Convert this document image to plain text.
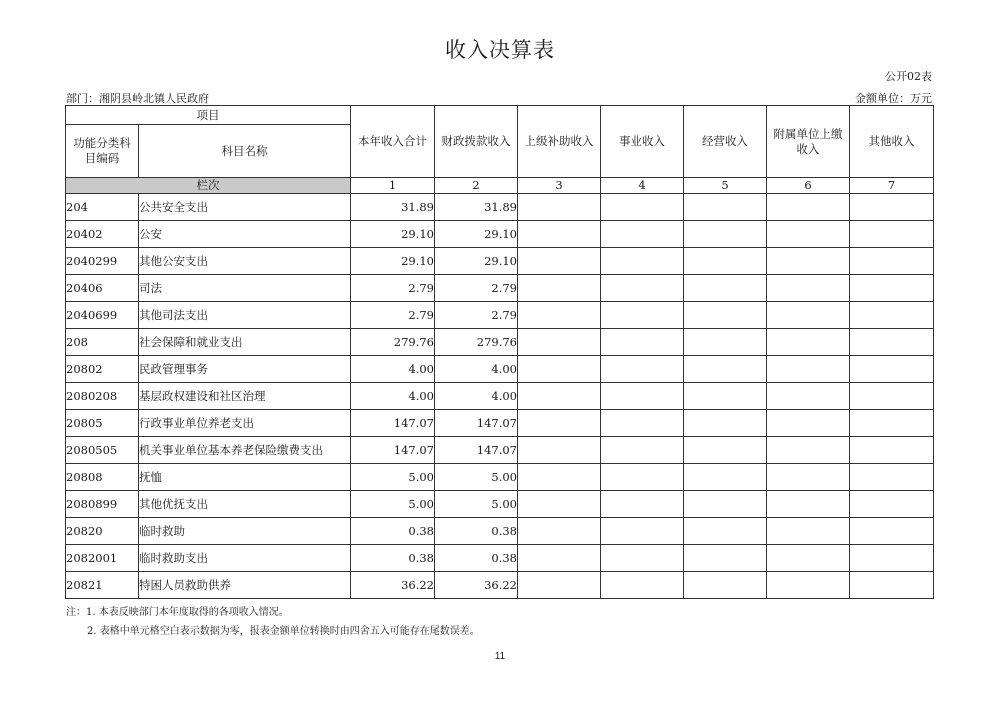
收入决算表
公开02表
部门：湘阴县岭北镇人民政府	金额单位：万元
项目		本年收入合计	财政拨款收入	上级补助收入	事业收入	经营收入	附属单位上缴收入	其他收入
功能分类科目编码	科目名称							
栏次		1	2	3	4	5	6	7
204	公共安全支出	31.89	31.89					
20402	公安	29.10	29.10					
2040299	其他公安支出	29.10	29.10					
20406	司法	2.79	2.79					
2040699	其他司法支出	2.79	2.79					
208	社会保障和就业支出	279.76	279.76					
20802	民政管理事务	4.00	4.00					
2080208	基层政权建设和社区治理	4.00	4.00					
20805	行政事业单位养老支出	147.07	147.07					
2080505	机关事业单位基本养老保险缴费支出	147.07	147.07					
20808	抚恤	5.00	5.00					
2080899	其他优抚支出	5.00	5.00					
20820	临时救助	0.38	0.38					
2082001	临时救助支出	0.38	0.38					
20821	特困人员救助供养	36.22	36.22					
注：1. 本表反映部门本年度取得的各项收入情况。
2. 表格中单元格空白表示数据为零，报表金额单位转换时由四舍五入可能存在尾数误差。
11
